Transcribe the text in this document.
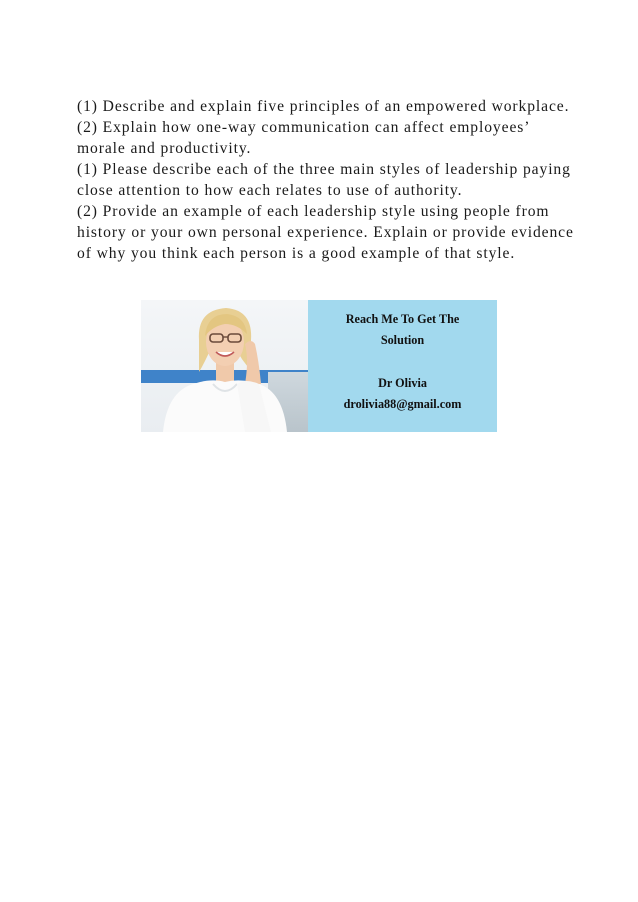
(1) Describe and explain five principles of an empowered workplace.

(2) Explain how one-way communication can affect employees’ morale and productivity.

(1) Please describe each of the three main styles of leadership paying close attention to how each relates to use of authority.

(2) Provide an example of each leadership style using people from history or your own personal experience. Explain or provide evidence of why you think each person is a good example of that style.

Reach Me To Get The
Solution
Dr Olivia
drolivia88@gmail.com
